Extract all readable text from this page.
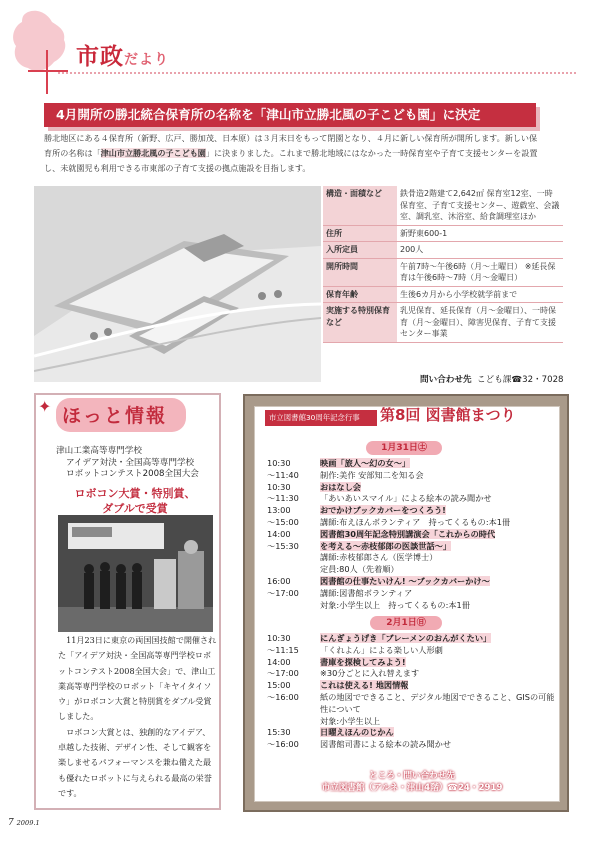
市政だより
4月開所の勝北統合保育所の名称を「津山市立勝北風の子こども園」に決定
勝北地区にある４保育所（新野、広戸、勝加茂、日本原）は３月末日をもって閉園となり、４月に新しい保育所が開所します。新しい保育所の名称は「津山市立勝北風の子こども園」に決まりました。これまで勝北地域にはなかった一時保育室や子育て支援センターを設置し、未就園児も利用できる市東部の子育て支援の拠点施設を目指します。
構造・面積など	鉄骨造2階建て2,642㎡ 保育室12室、一時保育室、子育て支援センター、遊戯室、会議室、調乳室、沐浴室、給食調理室ほか
住所	新野東600-1
入所定員	200人
開所時間	午前7時〜午後6時（月〜土曜日） ※延長保育は午後6時〜7時（月〜金曜日）
保育年齢	生後6カ月から小学校就学前まで
実施する特別保育など	乳児保育、延長保育（月〜金曜日）、一時保育（月〜金曜日）、障害児保育、子育て支援センター事業
問い合わせ先 こども課☎32・7028
✦ ほっと情報
津山工業高等専門学校
アイデア対決・全国高等専門学校
ロボットコンテスト2008全国大会
ロボコン大賞・特別賞、
ダブルで受賞

11月23日に東京の両国国技館で開催された「アイデア対決・全国高等専門学校ロボットコンテスト2008全国大会」で、津山工業高等専門学校のロボット「キヤイタイソウ」がロボコン大賞と特別賞をダブル受賞しました。

ロボコン大賞とは、独創的なアイデア、卓越した技術、デザイン性、そして観客を楽しませるパフォーマンスを兼ね備えた最も優れたロボットに与えられる最高の栄誉です。

市立図書館30周年記念行事	第8回 図書館まつり
1月31日㊏
10:30	映画「旅人〜幻の女〜」
〜11:40	制作:美作 安部知二を知る会
10:30	おはなし会
〜11:30	「あいあいスマイル」による絵本の読み聞かせ
13:00	おでかけブックカバーをつくろう!
〜15:00	講師:布えほんボランティア　持ってくるもの:本1冊
14:00	図書館30周年記念特別講演会「これからの時代
〜15:30	を考える〜赤枝郁郎の医談世話〜」
講師:赤枝郁郎さん（医学博士）
定員:80人（先着順）
16:00	図書館の仕事たいけん! 〜ブックカバーかけ〜
〜17:00	講師:図書館ボランティア
対象:小学生以上　持ってくるもの:本1冊
2月1日㊐
10:30	にんぎょうげき「ブレーメンのおんがくたい」
〜11:15	「くれよん」による楽しい人形劇
14:00	書庫を探検してみよう!
〜17:00	※30分ごとに入れ替えます
15:00	これは使える! 地図情報
〜16:00	紙の地図でできること、デジタル地図でできること、GISの可能性について
対象:小学生以上
15:30	日曜えほんのじかん
〜16:00	図書館司書による絵本の読み聞かせ
ところ・問い合わせ先
市立図書館（アルネ・津山4階）☎24・2919
7 2009.1
